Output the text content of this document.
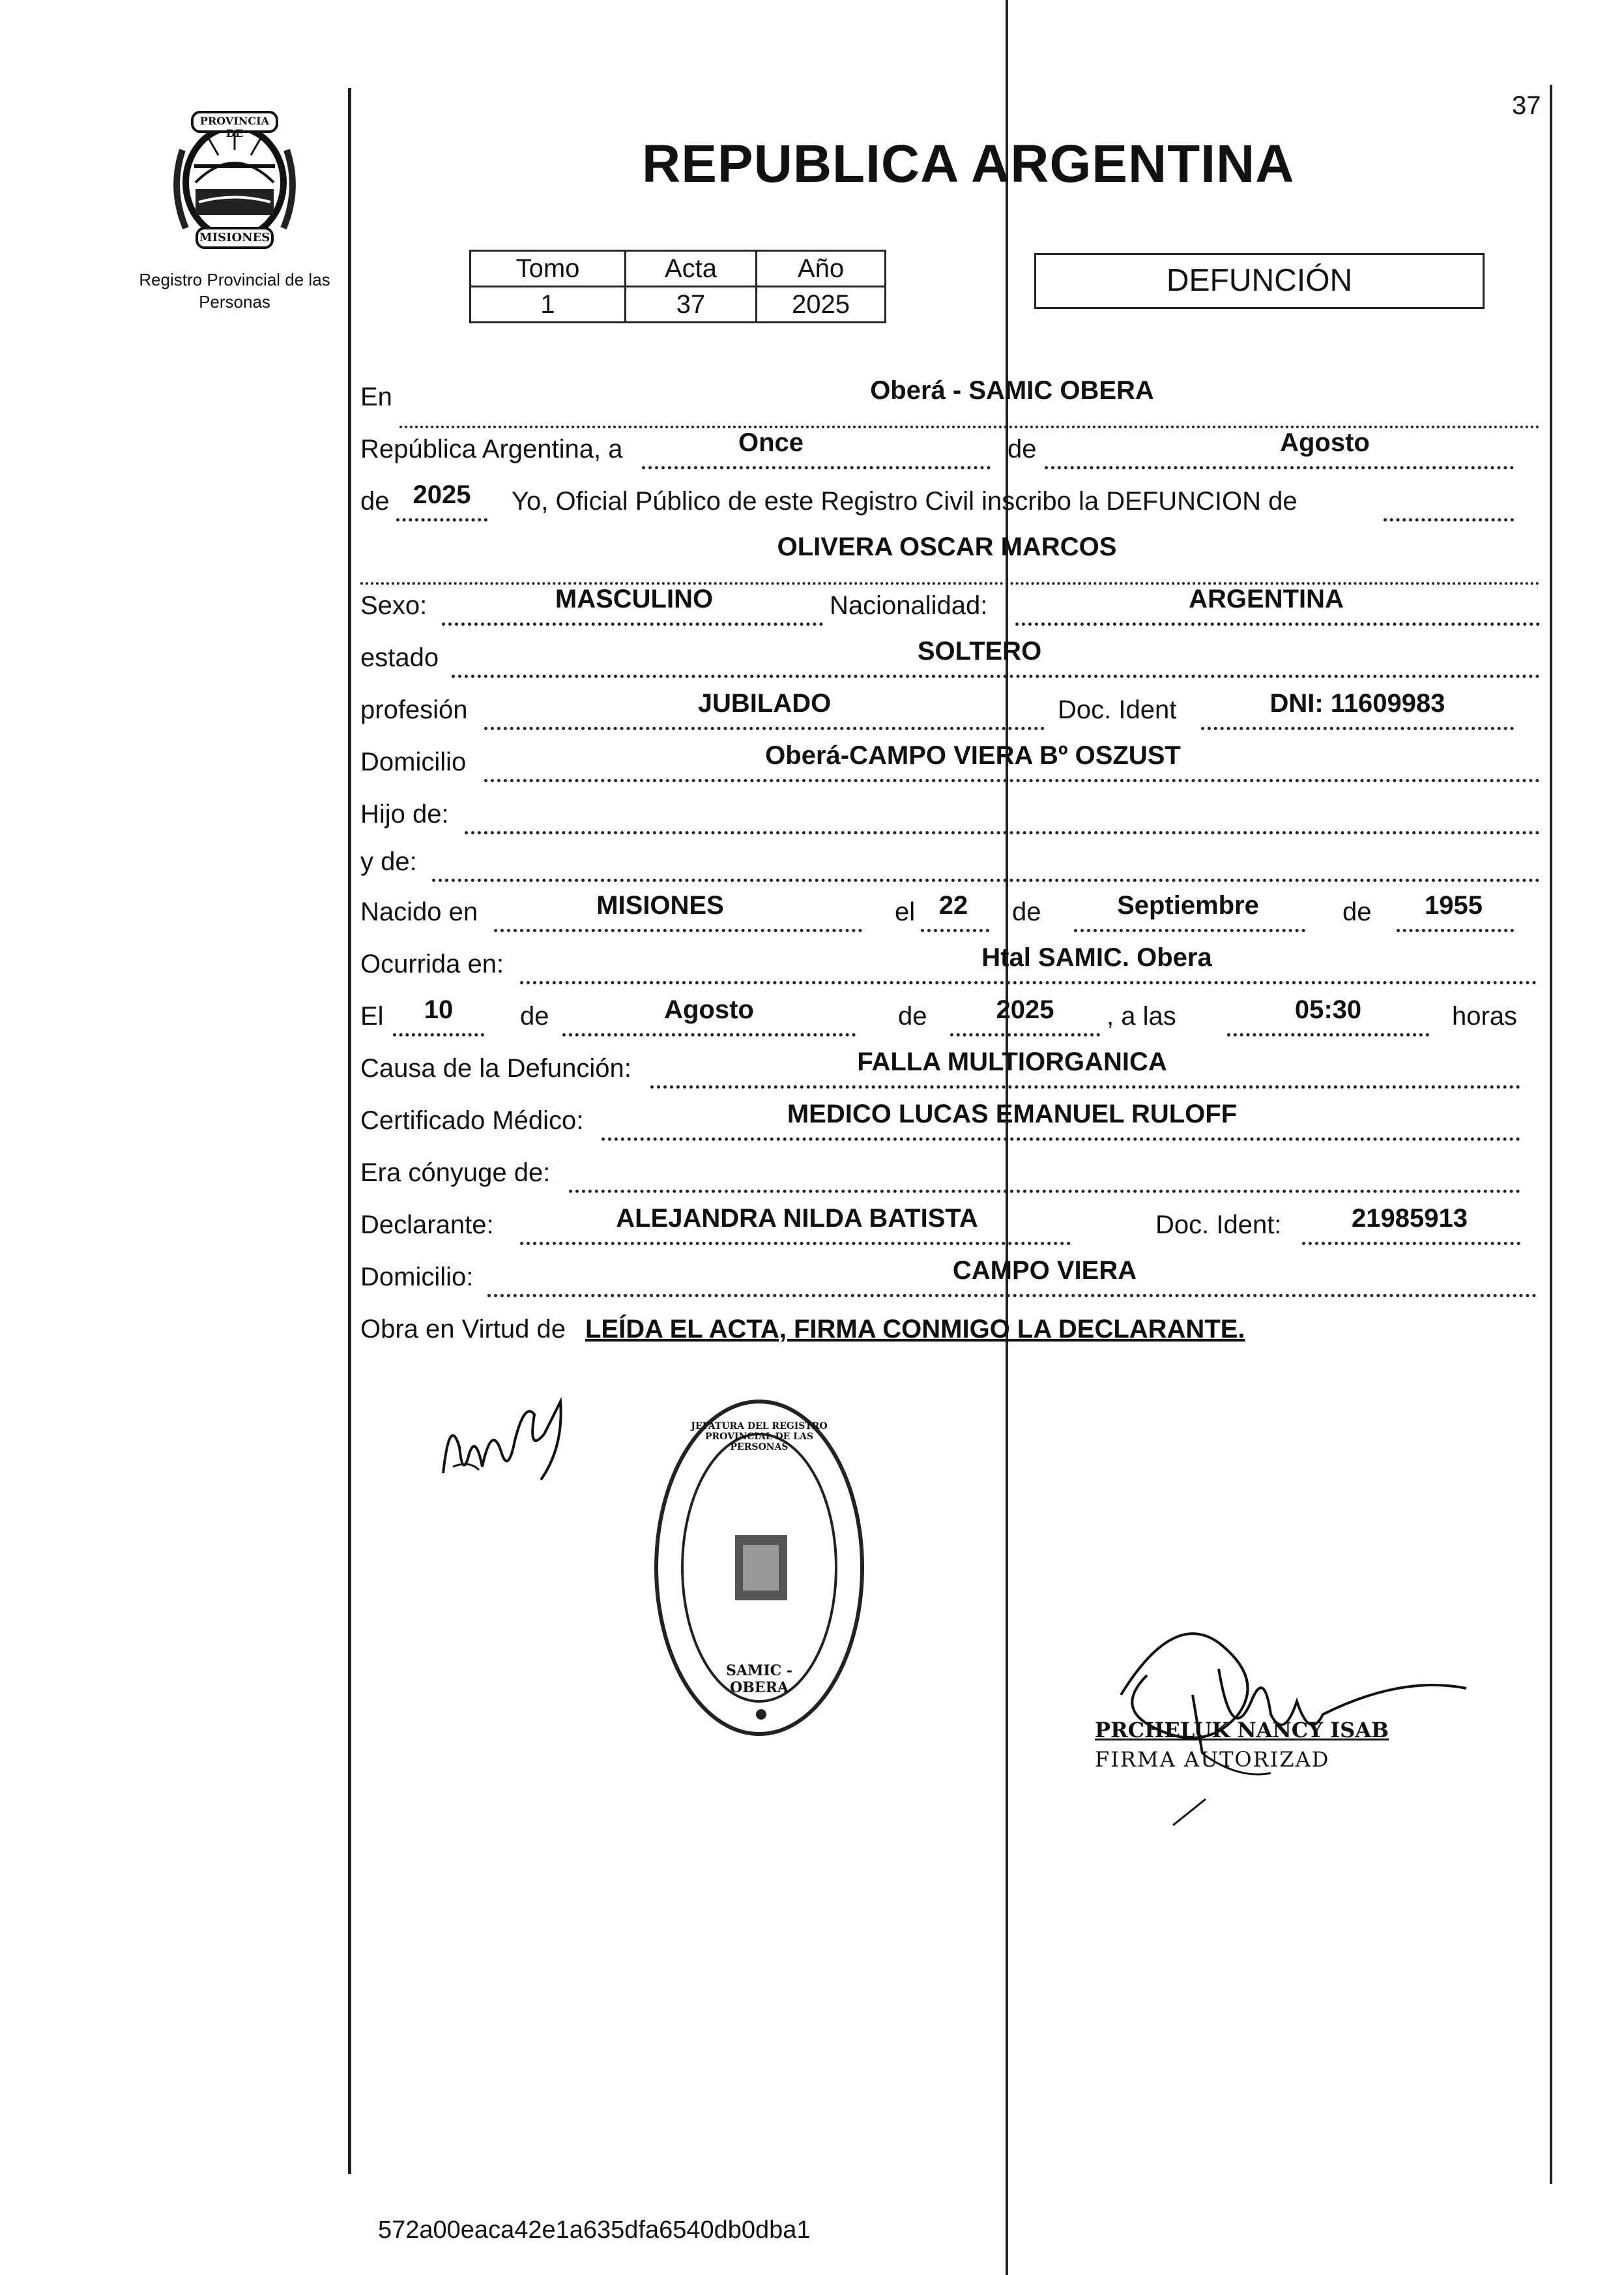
37
PROVINCIA DE
MISIONES
Registro Provincial de las Personas
REPUBLICA ARGENTINA
Tomo	Acta	Año
1	37	2025
DEFUNCIÓN
En	Oberá - SAMIC OBERA
República Argentina, a	Once	de	Agosto
de 2025	Yo, Oficial Público de este Registro Civil inscribo la DEFUNCION de
OLIVERA OSCAR MARCOS
Sexo:	MASCULINO	Nacionalidad:	ARGENTINA
estado	SOLTERO
profesión	JUBILADO	Doc. Ident	DNI: 11609983
Domicilio	Oberá-CAMPO VIERA Bº OSZUST
Hijo de:
y de:
Nacido en	MISIONES	el 22	de	Septiembre	de	1955
Ocurrida en:	Htal SAMIC. Obera
El	10	de	Agosto	de	2025	, a las	05:30	horas
Causa de la Defunción:	FALLA MULTIORGANICA
Certificado Médico:	MEDICO LUCAS EMANUEL RULOFF
Era cónyuge de:
Declarante:	ALEJANDRA NILDA BATISTA	Doc. Ident:	21985913
Domicilio:	CAMPO VIERA
Obra en Virtud de LEÍDA EL ACTA, FIRMA CONMIGO LA DECLARANTE.
JEFATURA DEL REGISTRO PROVINCIAL DE LAS PERSONAS
SAMIC - OBERA
PRCHELUK NANCY ISAB
FIRMA AUTORIZAD
572a00eaca42e1a635dfa6540db0dba1
